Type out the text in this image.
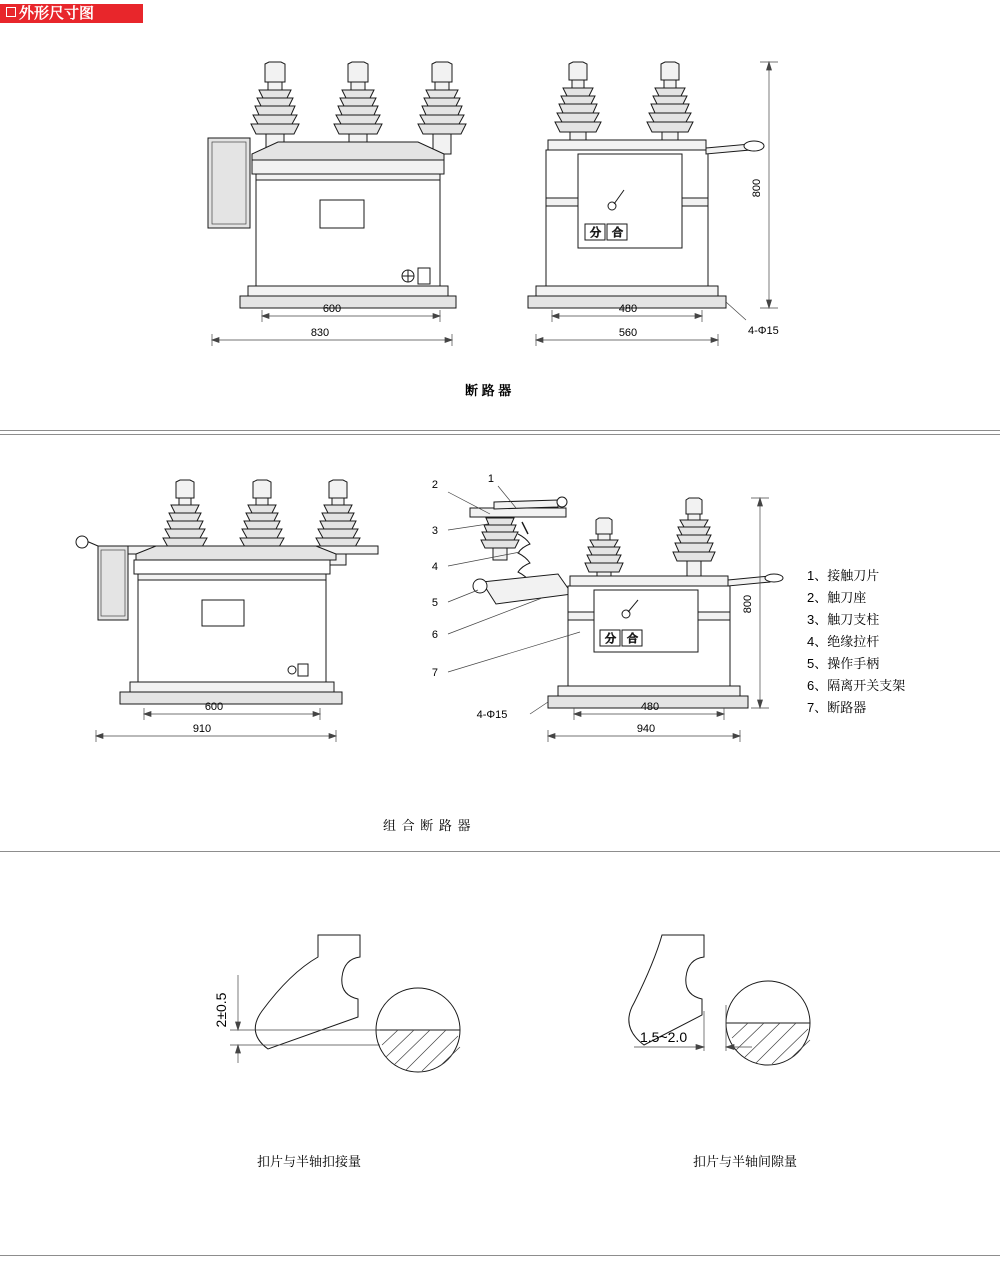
外形尺寸图
分 合
600
830
480
560
800
4-Φ15
断 路 器
分 合
2	1
3
4
5
6
7
600
910
480
940
800
4-Φ15
组 合 断 路 器
1、接触刀片
2、触刀座
3、触刀支柱
4、绝缘拉杆
5、操作手柄
6、隔离开关支架
7、断路器
2±0.5
扣片与半轴扣接量
1.5~2.0
扣片与半轴间隙量
